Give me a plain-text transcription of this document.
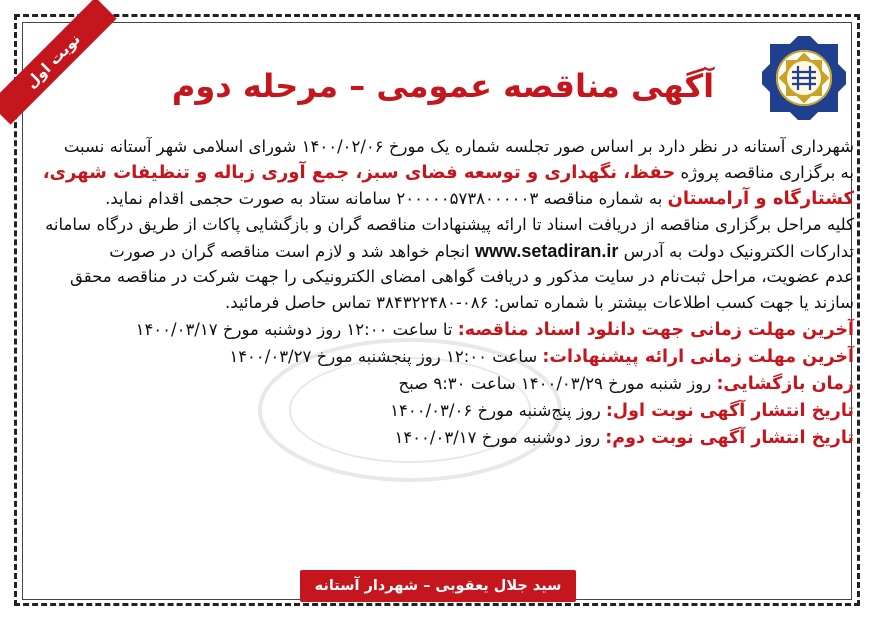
نوبت اول	آگهی مناقصه عمومی – مرحله دوم
شهرداری آستانه در نظر دارد بر اساس صور تجلسه شماره یک مورخ ۱۴۰۰/۰۲/۰۶ شورای اسلامی شهر آستانه نسبت
به برگزاری مناقصه پروژه حفظ، نگهداری و توسعه فضای سبز، جمع آوری زباله و تنظیفات شهری،
کشتارگاه و آرامستان به شماره مناقصه ۲۰۰۰۰۰۵۷۳۸۰۰۰۰۰۳ سامانه ستاد به صورت حجمی اقدام نماید.
کلیه مراحل برگزاری مناقصه از دریافت اسناد تا ارائه پیشنهادات مناقصه گران و بازگشایی پاکات از طریق درگاه سامانه
تدارکات الکترونیک دولت به آدرس www.setadiran.ir انجام خواهد شد و لازم است مناقصه گران در صورت
عدم عضویت، مراحل ثبت‌نام در سایت مذکور و دریافت گواهی امضای الکترونیکی را جهت شرکت در مناقصه محقق
سازند یا جهت کسب اطلاعات بیشتر با شماره تماس: ۰۸۶-۳۸۴۳۲۲۴۸۰ تماس حاصل فرمائید.
آخرین مهلت زمانی جهت دانلود اسناد مناقصه: تا ساعت ۱۲:۰۰ روز دوشنبه مورخ ۱۴۰۰/۰۳/۱۷
آخرین مهلت زمانی ارائه پیشنهادات: ساعت ۱۲:۰۰ روز پنجشنبه مورخ ۱۴۰۰/۰۳/۲۷
زمان بازگشایی: روز شنبه مورخ ۱۴۰۰/۰۳/۲۹ ساعت ۹:۳۰ صبح
تاریخ انتشار آگهی نوبت اول: روز پنج‌شنبه مورخ ۱۴۰۰/۰۳/۰۶
تاریخ انتشار آگهی نوبت دوم: روز دوشنبه مورخ ۱۴۰۰/۰۳/۱۷
سید جلال یعقوبی – شهردار آستانه
